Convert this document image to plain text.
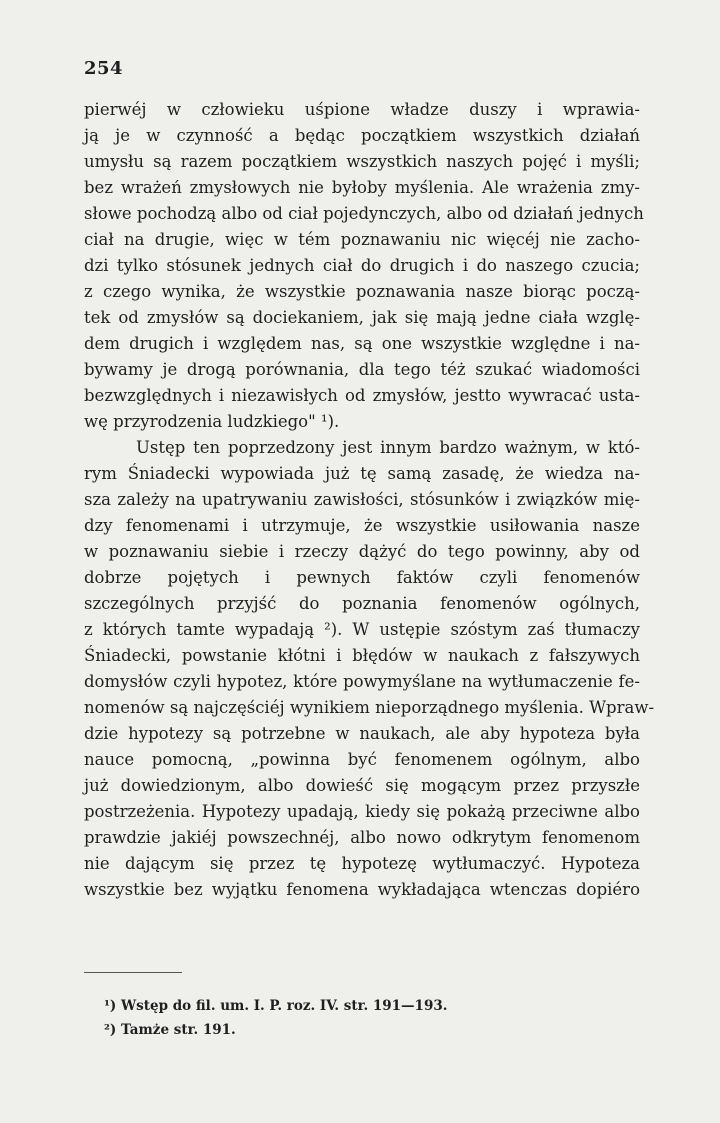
254
pierwéj w człowieku uśpione władze duszy i wprawia-
ją je w czynność a będąc początkiem wszystkich działań
umysłu są razem początkiem wszystkich naszych pojęć i myśli;
bez wrażeń zmysłowych nie byłoby myślenia. Ale wrażenia zmy-
słowe pochodzą albo od ciał pojedynczych, albo od działań jednych
ciał na drugie, więc w tém poznawaniu nic więcéj nie zacho-
dzi tylko stósunek jednych ciał do drugich i do naszego czucia;
z czego wynika, że wszystkie poznawania nasze biorąc począ-
tek od zmysłów są dociekaniem, jak się mają jedne ciała wzglę-
dem drugich i względem nas, są one wszystkie względne i na-
bywamy je drogą porównania, dla tego téż szukać wiadomości
bezwzględnych i niezawisłych od zmysłów, jestto wywracać usta-
wę przyrodzenia ludzkiego" ¹).
Ustęp ten poprzedzony jest innym bardzo ważnym, w któ-
rym Śniadecki wypowiada już tę samą zasadę, że wiedza na-
sza zależy na upatrywaniu zawisłości, stósunków i związków mię-
dzy fenomenami i utrzymuje, że wszystkie usiłowania nasze
w poznawaniu siebie i rzeczy dążyć do tego powinny, aby od
dobrze pojętych i pewnych faktów czyli fenomenów
szczególnych przyjść do poznania fenomenów ogólnych,
z których tamte wypadają ²). W ustępie szóstym zaś tłumaczy
Śniadecki, powstanie kłótni i błędów w naukach z fałszywych
domysłów czyli hypotez, które powymyślane na wytłumaczenie fe-
nomenów są najczęściéj wynikiem nieporządnego myślenia. Wpraw-
dzie hypotezy są potrzebne w naukach, ale aby hypoteza była
nauce pomocną, „powinna być fenomenem ogólnym, albo
już dowiedzionym, albo dowieść się mogącym przez przyszłe
postrzeżenia. Hypotezy upadają, kiedy się pokażą przeciwne albo
prawdzie jakiéj powszechnéj, albo nowo odkrytym fenomenom
nie dającym się przez tę hypotezę wytłumaczyć. Hypoteza
wszystkie bez wyjątku fenomena wykładająca wtenczas dopiéro
¹) Wstęp do fil. um. I. P. roz. IV. str. 191—193.
²) Tamże str. 191.
